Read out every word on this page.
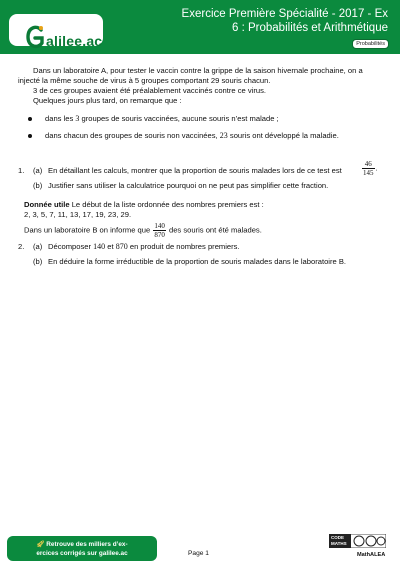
alilee.ac
Exercice Première Spécialité - 2017 - Ex
6 : Probabilités et Arithmétique
Probabilités
Dans un laboratoire A, pour tester le vaccin contre la grippe de la saison hivernale prochaine, on a
injecté la même souche de virus à 5 groupes comportant 29 souris chacun.
3 de ces groupes avaient été préalablement vaccinés contre ce virus.
Quelques jours plus tard, on remarque que :
dans les 3 groupes de souris vaccinées, aucune souris n’est malade ;
dans chacun des groupes de souris non vaccinées, 23 souris ont développé la maladie.
1. (a) En détaillant les calculs, montrer que la proportion de souris malades lors de ce test est	$\frac{46}{145}$ .
(b) Justifier sans utiliser la calculatrice pourquoi on ne peut pas simplifier cette fraction.
Donnée utile Le début de la liste ordonnée des nombres premiers est :
2, 3, 5, 7, 11, 13, 17, 19, 23, 29.
Dans un laboratoire B on informe que $\frac{140}{870}$ des souris ont été malades.
2. (a) Décomposer 140 et 870 en produit de nombres premiers.
(b) En déduire la forme irréductible de la proportion de souris malades dans le laboratoire B.
🚀︎ Retrouve des milliers d’ex-
ercices corrigés sur galilee.ac	Page 1
CODE
MATHS
MathALEA
